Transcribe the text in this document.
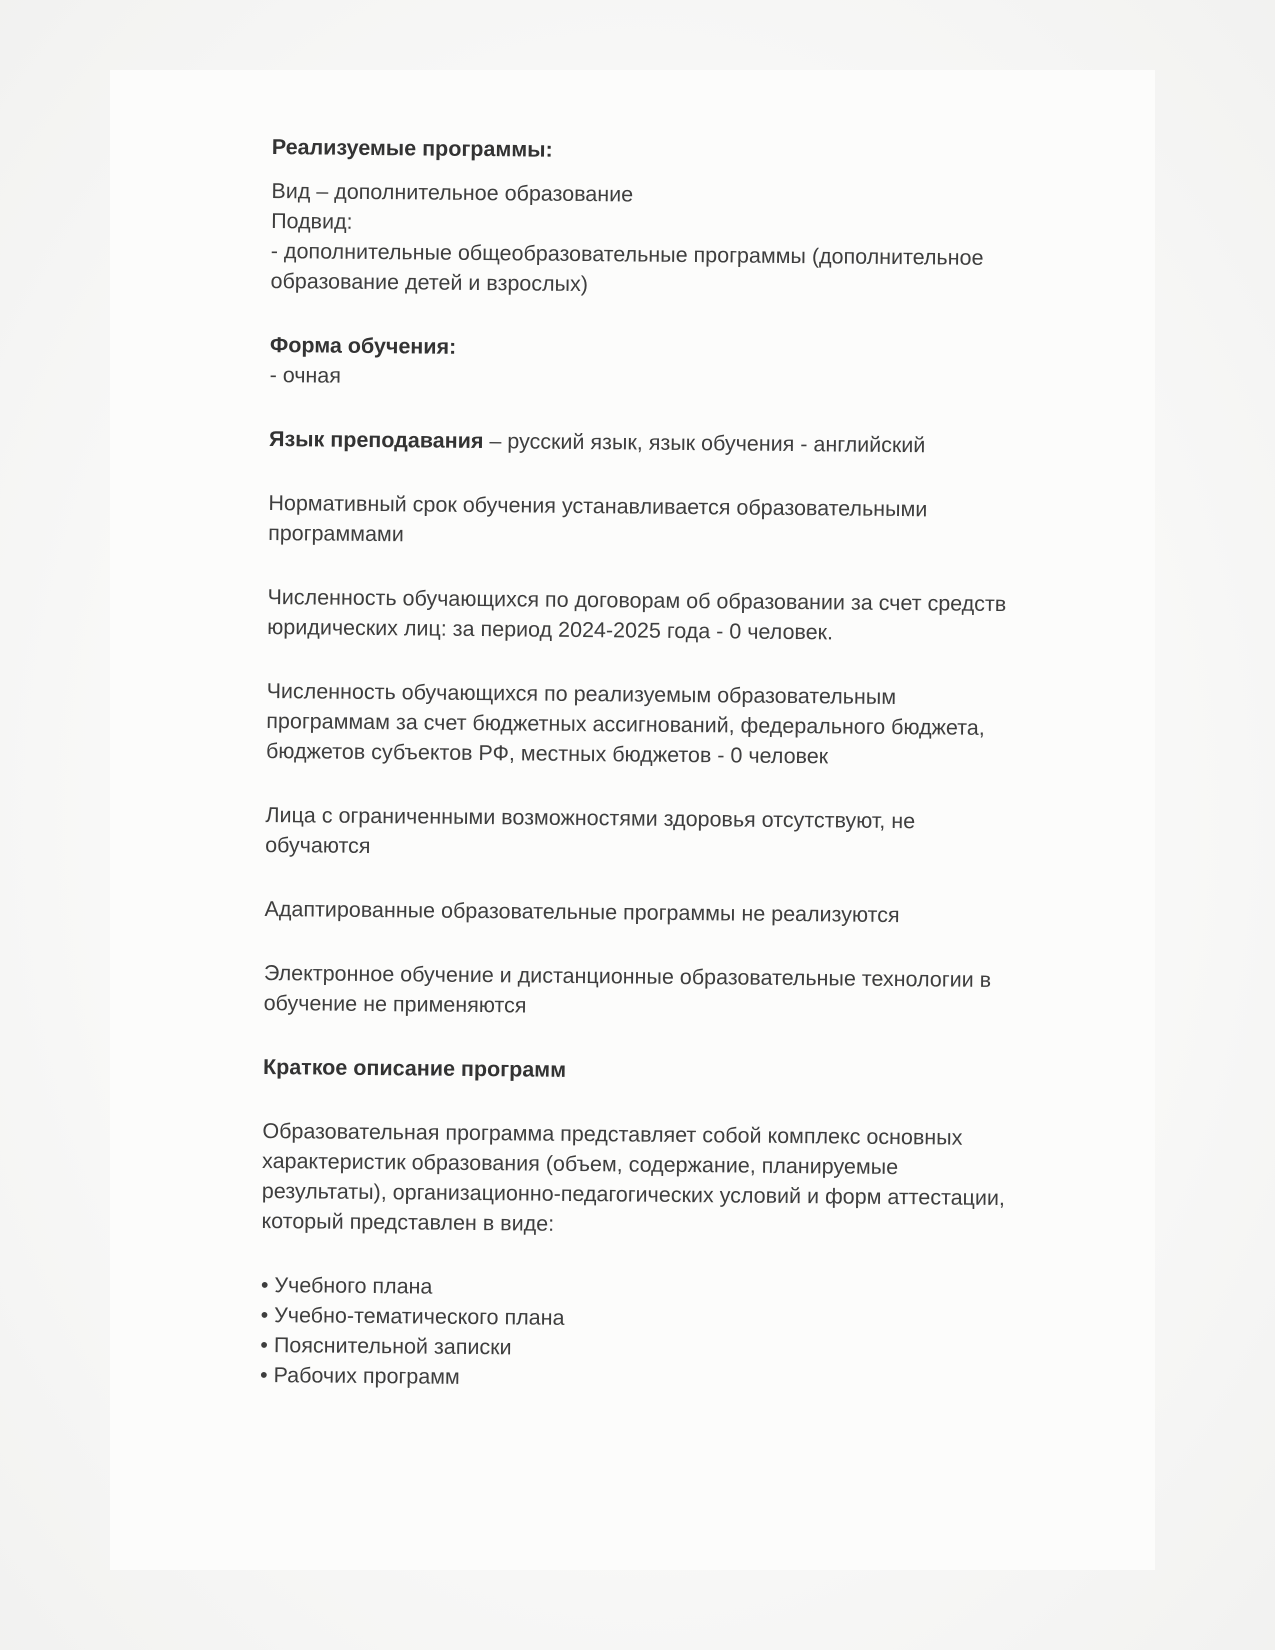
Реализуемые программы:

Вид – дополнительное образование

Подвид:

- дополнительные общеобразовательные программы (дополнительное

образование детей и взрослых)

Форма обучения:

- очная

Язык преподавания – русский язык, язык обучения - английский

Нормативный срок обучения устанавливается образовательными

программами

Численность обучающихся по договорам об образовании за счет средств

юридических лиц: за период 2024-2025 года - 0 человек.

Численность обучающихся по реализуемым образовательным

программам за счет бюджетных ассигнований, федерального бюджета,

бюджетов субъектов РФ, местных бюджетов - 0 человек

Лица с ограниченными возможностями здоровья отсутствуют, не

обучаются

Адаптированные образовательные программы не реализуются

Электронное обучение и дистанционные образовательные технологии в

обучение не применяются

Краткое описание программ

Образовательная программа представляет собой комплекс основных

характеристик образования (объем, содержание, планируемые

результаты), организационно-педагогических условий и форм аттестации,

который представлен в виде:

• Учебного плана

• Учебно-тематического плана

• Пояснительной записки

• Рабочих программ
